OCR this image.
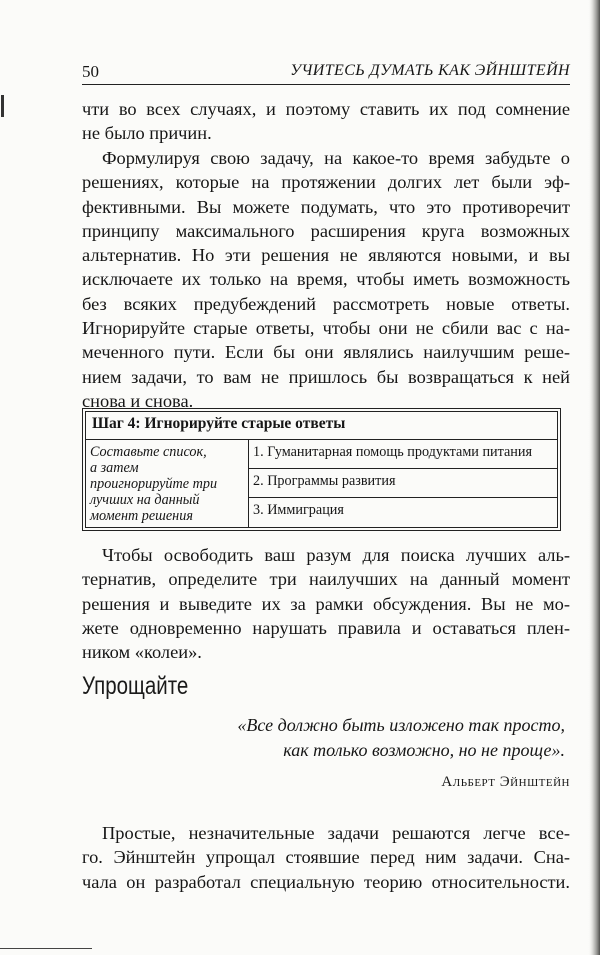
50	УЧИТЕСЬ ДУМАТЬ КАК ЭЙНШТЕЙН
чти во всех случаях, и поэтому ставить их под сомнение
не было причин.
Формулируя свою задачу, на какое-то время забудьте о
решениях, которые на протяжении долгих лет были эф-
фективными. Вы можете подумать, что это противоречит
принципу максимального расширения круга возможных
альтернатив. Но эти решения не являются новыми, и вы
исключаете их только на время, чтобы иметь возможность
без всяких предубеждений рассмотреть новые ответы.
Игнорируйте старые ответы, чтобы они не сбили вас с на-
меченного пути. Если бы они являлись наилучшим реше-
нием задачи, то вам не пришлось бы возвращаться к ней
снова и снова.
Шаг 4: Игнорируйте старые ответы
Составьте список,
а затем
проигнорируйте три
лучших на данный
момент решения
1. Гуманитарная помощь продуктами питания
2. Программы развития
3. Иммиграция
Чтобы освободить ваш разум для поиска лучших аль-
тернатив, определите три наилучших на данный момент
решения и выведите их за рамки обсуждения. Вы не мо-
жете одновременно нарушать правила и оставаться плен-
ником «колеи».
Упрощайте
«Все должно быть изложено так просто,
как только возможно, но не проще».
Альберт Эйнштейн
Простые, незначительные задачи решаются легче все-
го. Эйнштейн упрощал стоявшие перед ним задачи. Сна-
чала он разработал специальную теорию относительности.
